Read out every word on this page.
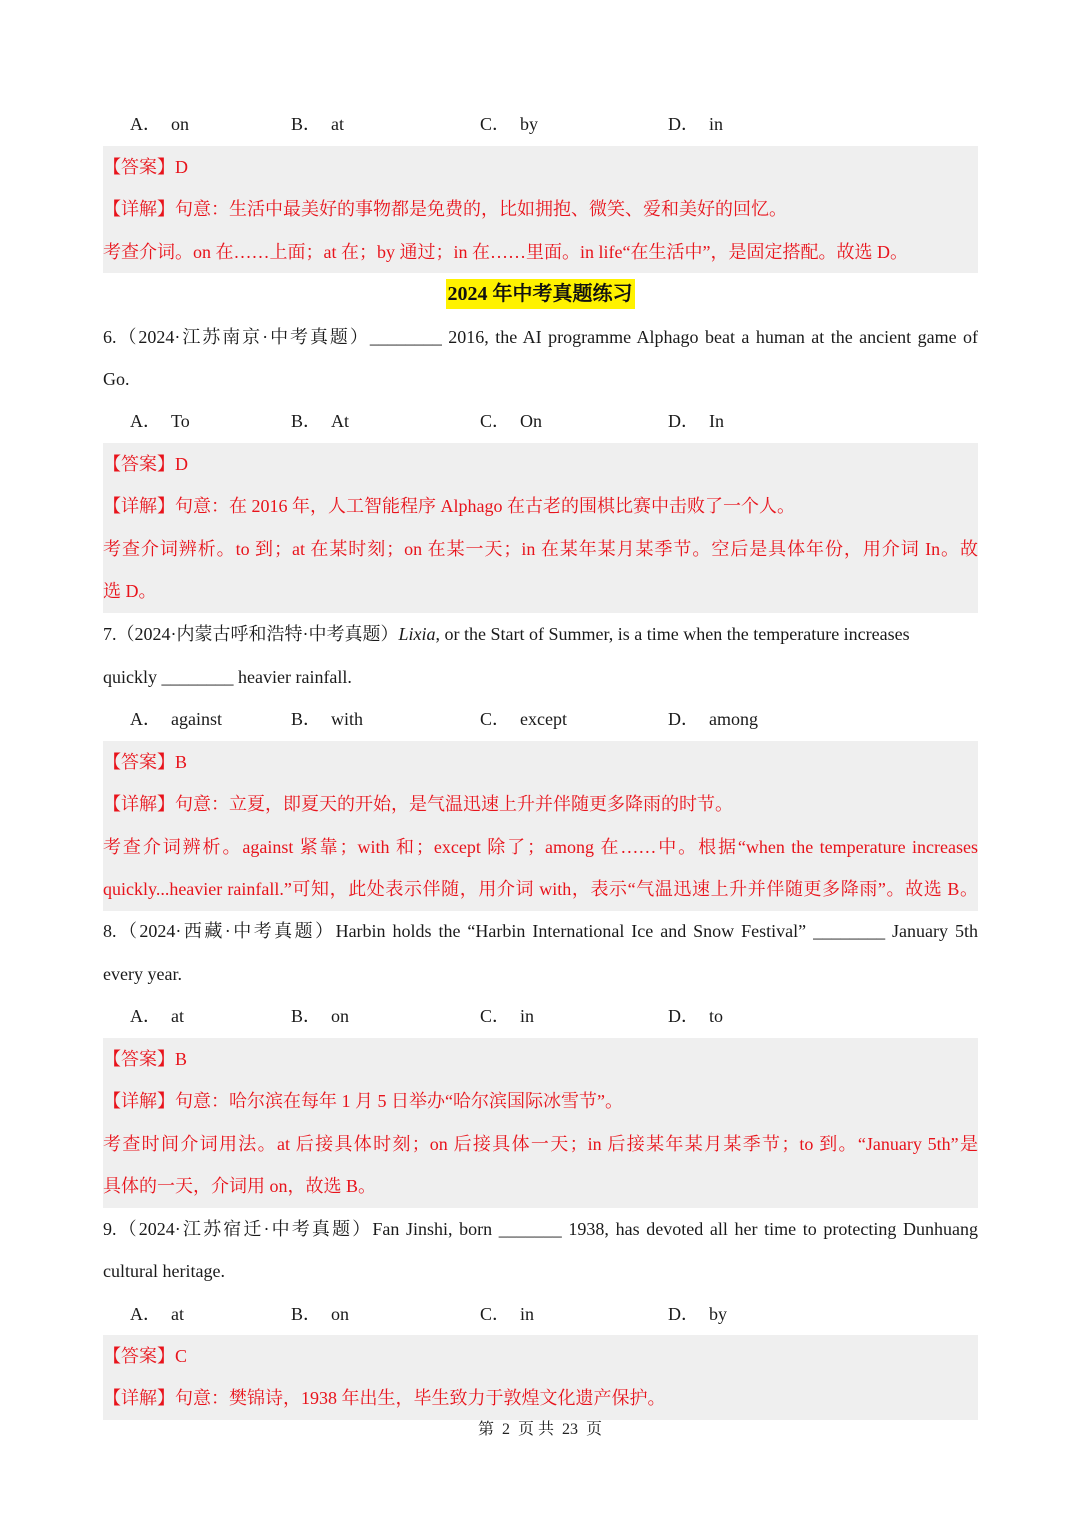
A． on	B． at	C． by	D． in
【答案】D
【详解】句意：生活中最美好的事物都是免费的，比如拥抱、微笑、爱和美好的回忆。
考查介词。on 在……上面；at 在；by 通过；in 在……里面。in life“在生活中”，是固定搭配。故选 D。
2024 年中考真题练习
6.（2024·江苏南京·中考真题）________ 2016, the AI programme Alphago beat a human at the ancient game of
Go.
A． To	B． At	C． On	D． In
【答案】D
【详解】句意：在 2016 年，人工智能程序 Alphago 在古老的围棋比赛中击败了一个人。
考查介词辨析。to 到；at 在某时刻；on 在某一天；in 在某年某月某季节。空后是具体年份，用介词 In。故
选 D。
7.（2024·内蒙古呼和浩特·中考真题）Lixia, or the Start of Summer, is a time when the temperature increases
quickly ________ heavier rainfall.
A． against	B． with	C． except	D． among
【答案】B
【详解】句意：立夏，即夏天的开始，是气温迅速上升并伴随更多降雨的时节。
考查介词辨析。against 紧靠；with 和；except 除了；among 在……中。根据“when the temperature increases
quickly...heavier rainfall.”可知，此处表示伴随，用介词 with，表示“气温迅速上升并伴随更多降雨”。故选 B。
8.（2024·西藏·中考真题）Harbin holds the “Harbin International Ice and Snow Festival” ________ January 5th
every year.
A． at	B． on	C． in	D． to
【答案】B
【详解】句意：哈尔滨在每年 1 月 5 日举办“哈尔滨国际冰雪节”。
考查时间介词用法。at 后接具体时刻；on 后接具体一天；in 后接某年某月某季节；to 到。“January 5th”是
具体的一天，介词用 on，故选 B。
9.（2024·江苏宿迁·中考真题）Fan Jinshi, born _______ 1938, has devoted all her time to protecting Dunhuang
cultural heritage.
A． at	B． on	C． in	D． by
【答案】C
【详解】句意：樊锦诗，1938 年出生，毕生致力于敦煌文化遗产保护。
第 2 页 共 23 页
